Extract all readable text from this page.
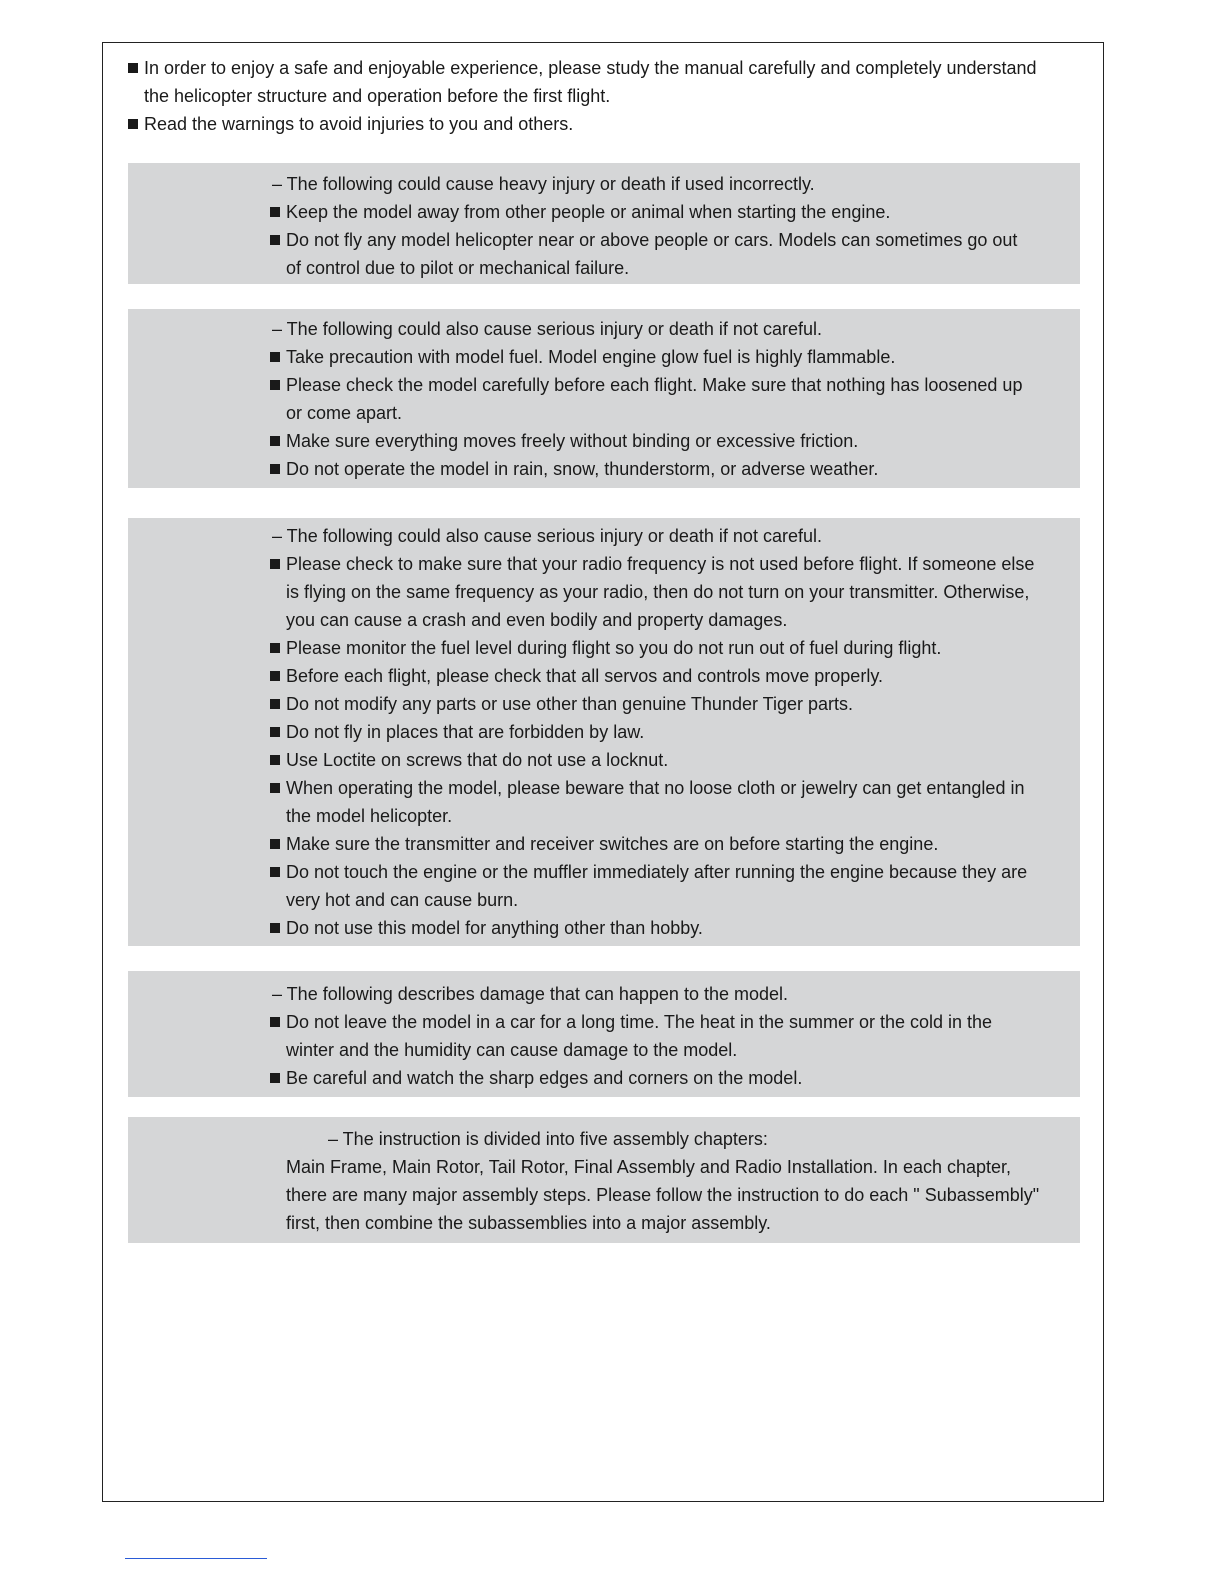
In order to enjoy a safe and enjoyable experience, please study the manual carefully and completely understand
the helicopter structure and operation before the first flight.
Read the warnings to avoid injuries to you and others.
– The following could cause heavy injury or death if used incorrectly.
Keep the model away from other people or animal when starting the engine.
Do not fly any model helicopter near or above people or cars. Models can sometimes go out
of control due to pilot or mechanical failure.
– The following could also cause serious injury or death if not careful.
Take precaution with model fuel. Model engine glow fuel is highly flammable.
Please check the model carefully before each flight. Make sure that nothing has loosened up
or come apart.
Make sure everything moves freely without binding or excessive friction.
Do not operate the model in rain, snow, thunderstorm, or adverse weather.
– The following could also cause serious injury or death if not careful.
Please check to make sure that your radio frequency is not used before flight. If someone else
is flying on the same frequency as your radio, then do not turn on your transmitter. Otherwise,
you can cause a crash and even bodily and property damages.
Please monitor the fuel level during flight so you do not run out of fuel during flight.
Before each flight, please check that all servos and controls move properly.
Do not modify any parts or use other than genuine Thunder Tiger parts.
Do not fly in places that are forbidden by law.
Use Loctite on screws that do not use a locknut.
When operating the model, please beware that no loose cloth or jewelry can get entangled in
the model helicopter.
Make sure the transmitter and receiver switches are on before starting the engine.
Do not touch the engine or the muffler immediately after running the engine because they are
very hot and can cause burn.
Do not use this model for anything other than hobby.
– The following describes damage that can happen to the model.
Do not leave the model in a car for a long time. The heat in the summer or the cold in the
winter and the humidity can cause damage to the model.
Be careful and watch the sharp edges and corners on the model.
– The instruction is divided into five assembly chapters:
Main Frame, Main Rotor, Tail Rotor, Final Assembly and Radio Installation. In each chapter,
there are many major assembly steps. Please follow the instruction to do each " Subassembly"
first, then combine the subassemblies into a major assembly.
